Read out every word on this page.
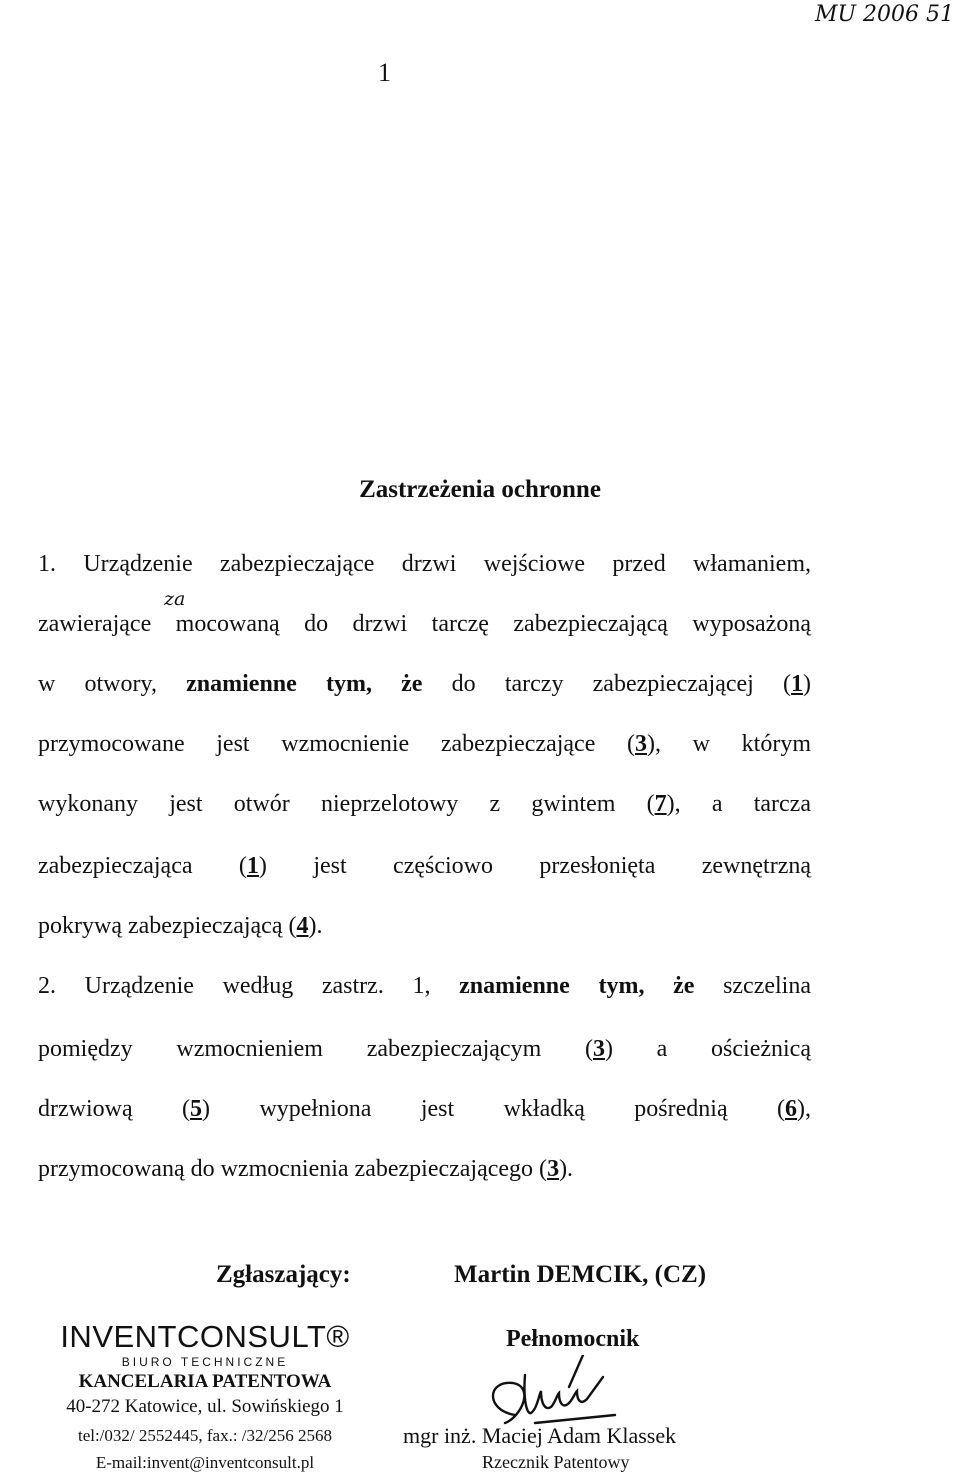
MU 2006 51
1
Zastrzeżenia ochronne
za
1. Urządzenie zabezpieczające drzwi wejściowe przed włamaniem,
zawierające mocowaną do drzwi tarczę zabezpieczającą wyposażoną
w otwory, znamienne tym, że do tarczy zabezpieczającej (1)
przymocowane jest wzmocnienie zabezpieczające (3), w którym
wykonany jest otwór nieprzelotowy z gwintem (7), a tarcza
zabezpieczająca (1) jest częściowo przesłonięta zewnętrzną
pokrywą zabezpieczającą (4).
2. Urządzenie według zastrz. 1, znamienne tym, że szczelina
pomiędzy wzmocnieniem zabezpieczającym (3) a ościeżnicą
drzwiową (5) wypełniona jest wkładką pośrednią (6),
przymocowaną do wzmocnienia zabezpieczającego (3).
Zgłaszający:	Martin DEMCIK, (CZ)
INVENTCONSULT®
BIURO TECHNICZNE
KANCELARIA PATENTOWA
40-272 Katowice, ul. Sowińskiego 1
tel:/032/ 2552445, fax.: /32/256 2568
E-mail:invent@inventconsult.pl
Pełnomocnik
mgr inż. Maciej Adam Klassek
Rzecznik Patentowy
